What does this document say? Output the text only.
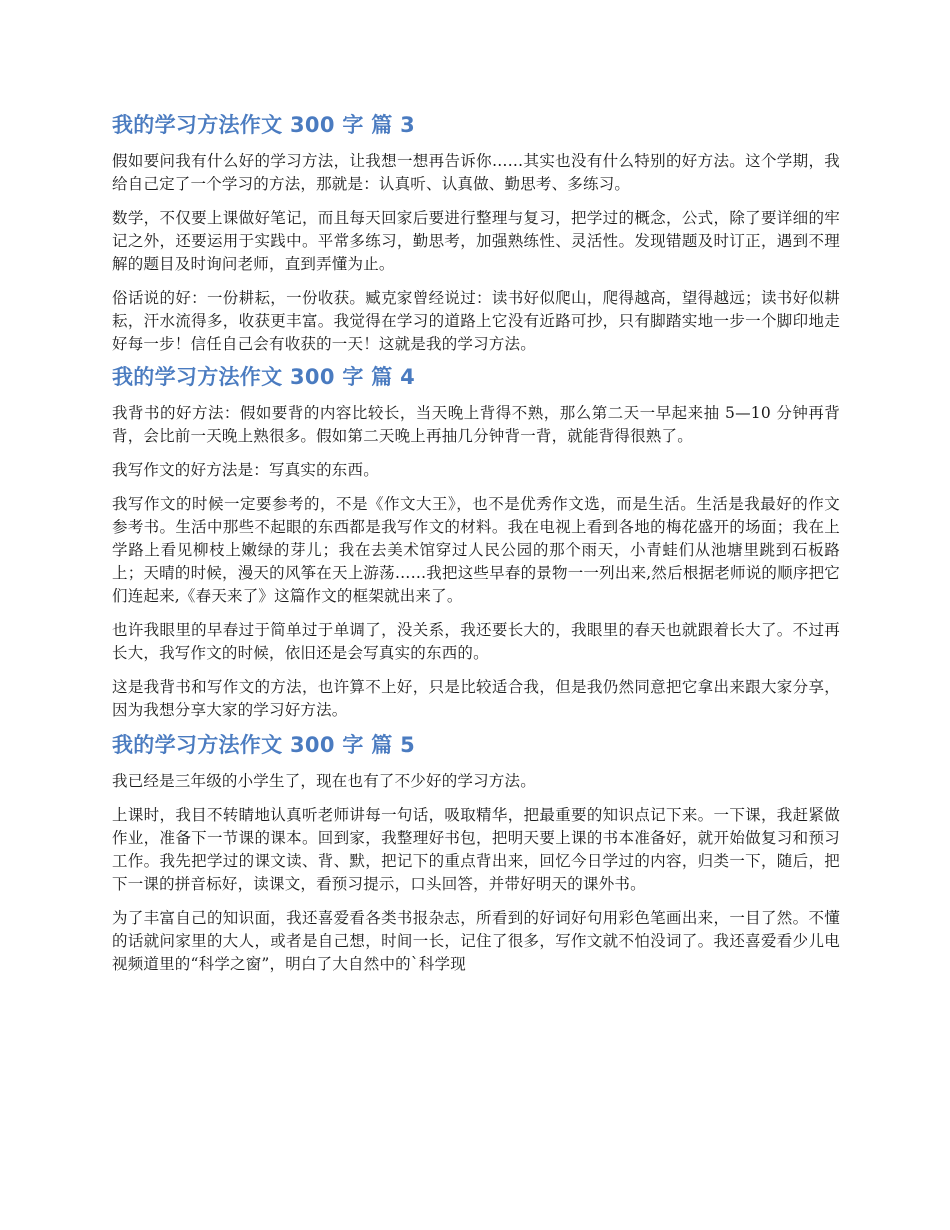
我的学习方法作文 300 字 篇 3

假如要问我有什么好的学习方法，让我想一想再告诉你……其实也没有什么特别的好方法。这个学期，我给自己定了一个学习的方法，那就是：认真听、认真做、勤思考、多练习。

数学，不仅要上课做好笔记，而且每天回家后要进行整理与复习，把学过的概念，公式，除了要详细的牢记之外，还要运用于实践中。平常多练习，勤思考，加强熟练性、灵活性。发现错题及时订正，遇到不理解的题目及时询问老师，直到弄懂为止。

俗话说的好：一份耕耘，一份收获。臧克家曾经说过：读书好似爬山，爬得越高，望得越远；读书好似耕耘，汗水流得多，收获更丰富。我觉得在学习的道路上它没有近路可抄，只有脚踏实地一步一个脚印地走好每一步！信任自己会有收获的一天！这就是我的学习方法。

我的学习方法作文 300 字 篇 4

我背书的好方法：假如要背的内容比较长，当天晚上背得不熟，那么第二天一早起来抽 5—10 分钟再背背，会比前一天晚上熟很多。假如第二天晚上再抽几分钟背一背，就能背得很熟了。

我写作文的好方法是：写真实的东西。

我写作文的时候一定要参考的，不是《作文大王》，也不是优秀作文选，而是生活。生活是我最好的作文参考书。生活中那些不起眼的东西都是我写作文的材料。我在电视上看到各地的梅花盛开的场面；我在上学路上看见柳枝上嫩绿的芽儿；我在去美术馆穿过人民公园的那个雨天，小青蛙们从池塘里跳到石板路上；天晴的时候，漫天的风筝在天上游荡……我把这些早春的景物一一列出来,然后根据老师说的顺序把它们连起来,《春天来了》这篇作文的框架就出来了。

也许我眼里的早春过于简单过于单调了，没关系，我还要长大的，我眼里的春天也就跟着长大了。不过再长大，我写作文的时候，依旧还是会写真实的东西的。

这是我背书和写作文的方法，也许算不上好，只是比较适合我，但是我仍然同意把它拿出来跟大家分享，因为我想分享大家的学习好方法。

我的学习方法作文 300 字 篇 5

我已经是三年级的小学生了，现在也有了不少好的学习方法。

上课时，我目不转睛地认真听老师讲每一句话，吸取精华，把最重要的知识点记下来。一下课，我赶紧做作业，准备下一节课的课本。回到家，我整理好书包，把明天要上课的书本准备好，就开始做复习和预习工作。我先把学过的课文读、背、默，把记下的重点背出来，回忆今日学过的内容，归类一下，随后，把下一课的拼音标好，读课文，看预习提示，口头回答，并带好明天的课外书。

为了丰富自己的知识面，我还喜爱看各类书报杂志，所看到的好词好句用彩色笔画出来，一目了然。不懂的话就问家里的大人，或者是自己想，时间一长，记住了很多，写作文就不怕没词了。我还喜爱看少儿电视频道里的“科学之窗”，明白了大自然中的`科学现
